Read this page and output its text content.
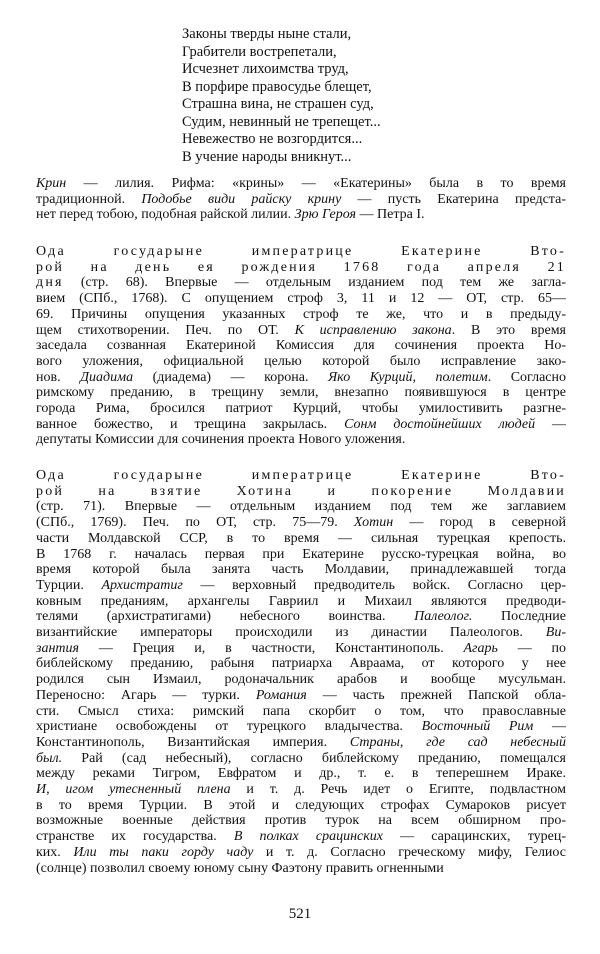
Законы тверды ныне стали,
Грабители вострепетали,
Исчезнет лихоимства труд,
В порфире правосудье блещет,
Страшна вина, не страшен суд,
Судим, невинный не трепещет...
Невежество не возгордится...
В учение народы вникнут...
Крин — лилия. Рифма: «крины» — «Екатерины» была в то время
традиционной. Подобье види райску крину — пусть Екатерина предста-
нет перед тобою, подобная райской лилии. Зрю Героя — Петра I.
Ода государыне императрице Екатерине Вто-
рой на день ея рождения 1768 года апреля 21
дня (стр. 68). Впервые — отдельным изданием под тем же загла-
вием (СПб., 1768). С опущением строф 3, 11 и 12 — ОТ, стр. 65—
69. Причины опущения указанных строф те же, что и в предыду-
щем стихотворении. Печ. по ОТ. К исправлению закона. В это время
заседала созванная Екатериной Комиссия для сочинения проекта Но-
вого уложения, официальной целью которой было исправление зако-
нов. Диадима (диадема) — корона. Яко Курций, полетим. Согласно
римскому преданию, в трещину земли, внезапно появившуюся в центре
города Рима, бросился патриот Курций, чтобы умилостивить разгне-
ванное божество, и трещина закрылась. Сонм достойнейших людей —
депутаты Комиссии для сочинения проекта Нового уложения.
Ода государыне императрице Екатерине Вто-
рой на взятие Хотина и покорение Молдавии
(стр. 71). Впервые — отдельным изданием под тем же заглавием
(СПб., 1769). Печ. по ОТ, стр. 75—79. Хотин — город в северной
части Молдавской ССР, в то время — сильная турецкая крепость.
В 1768 г. началась первая при Екатерине русско-турецкая война, во
время которой была занята часть Молдавии, принадлежавшей тогда
Турции. Архистратиг — верховный предводитель войск. Согласно цер-
ковным преданиям, архангелы Гавриил и Михаил являются предводи-
телями (архистратигами) небесного воинства. Палеолог. Последние
византийские императоры происходили из династии Палеологов. Ви-
зантия — Греция и, в частности, Константинополь. Агарь — по
библейскому преданию, рабыня патриарха Авраама, от которого у нее
родился сын Измаил, родоначальник арабов и вообще мусульман.
Переносно: Агарь — турки. Романия — часть прежней Папской обла-
сти. Смысл стиха: римский папа скорбит о том, что православные
христиане освобождены от турецкого владычества. Восточный Рим —
Константинополь, Византийская империя. Страны, где сад небесный
был. Рай (сад небесный), согласно библейскому преданию, помещался
между реками Тигром, Евфратом и др., т. е. в теперешнем Ираке.
И, игом утесненный плена и т. д. Речь идет о Египте, подвластном
в то время Турции. В этой и следующих строфах Сумароков рисует
возможные военные действия против турок на всем обширном про-
странстве их государства. В полках срацинских — сарацинских, турец-
ких. Или ты паки горду чаду и т. д. Согласно греческому мифу, Гелиос
(солнце) позволил своему юному сыну Фаэтону править огненными
521
